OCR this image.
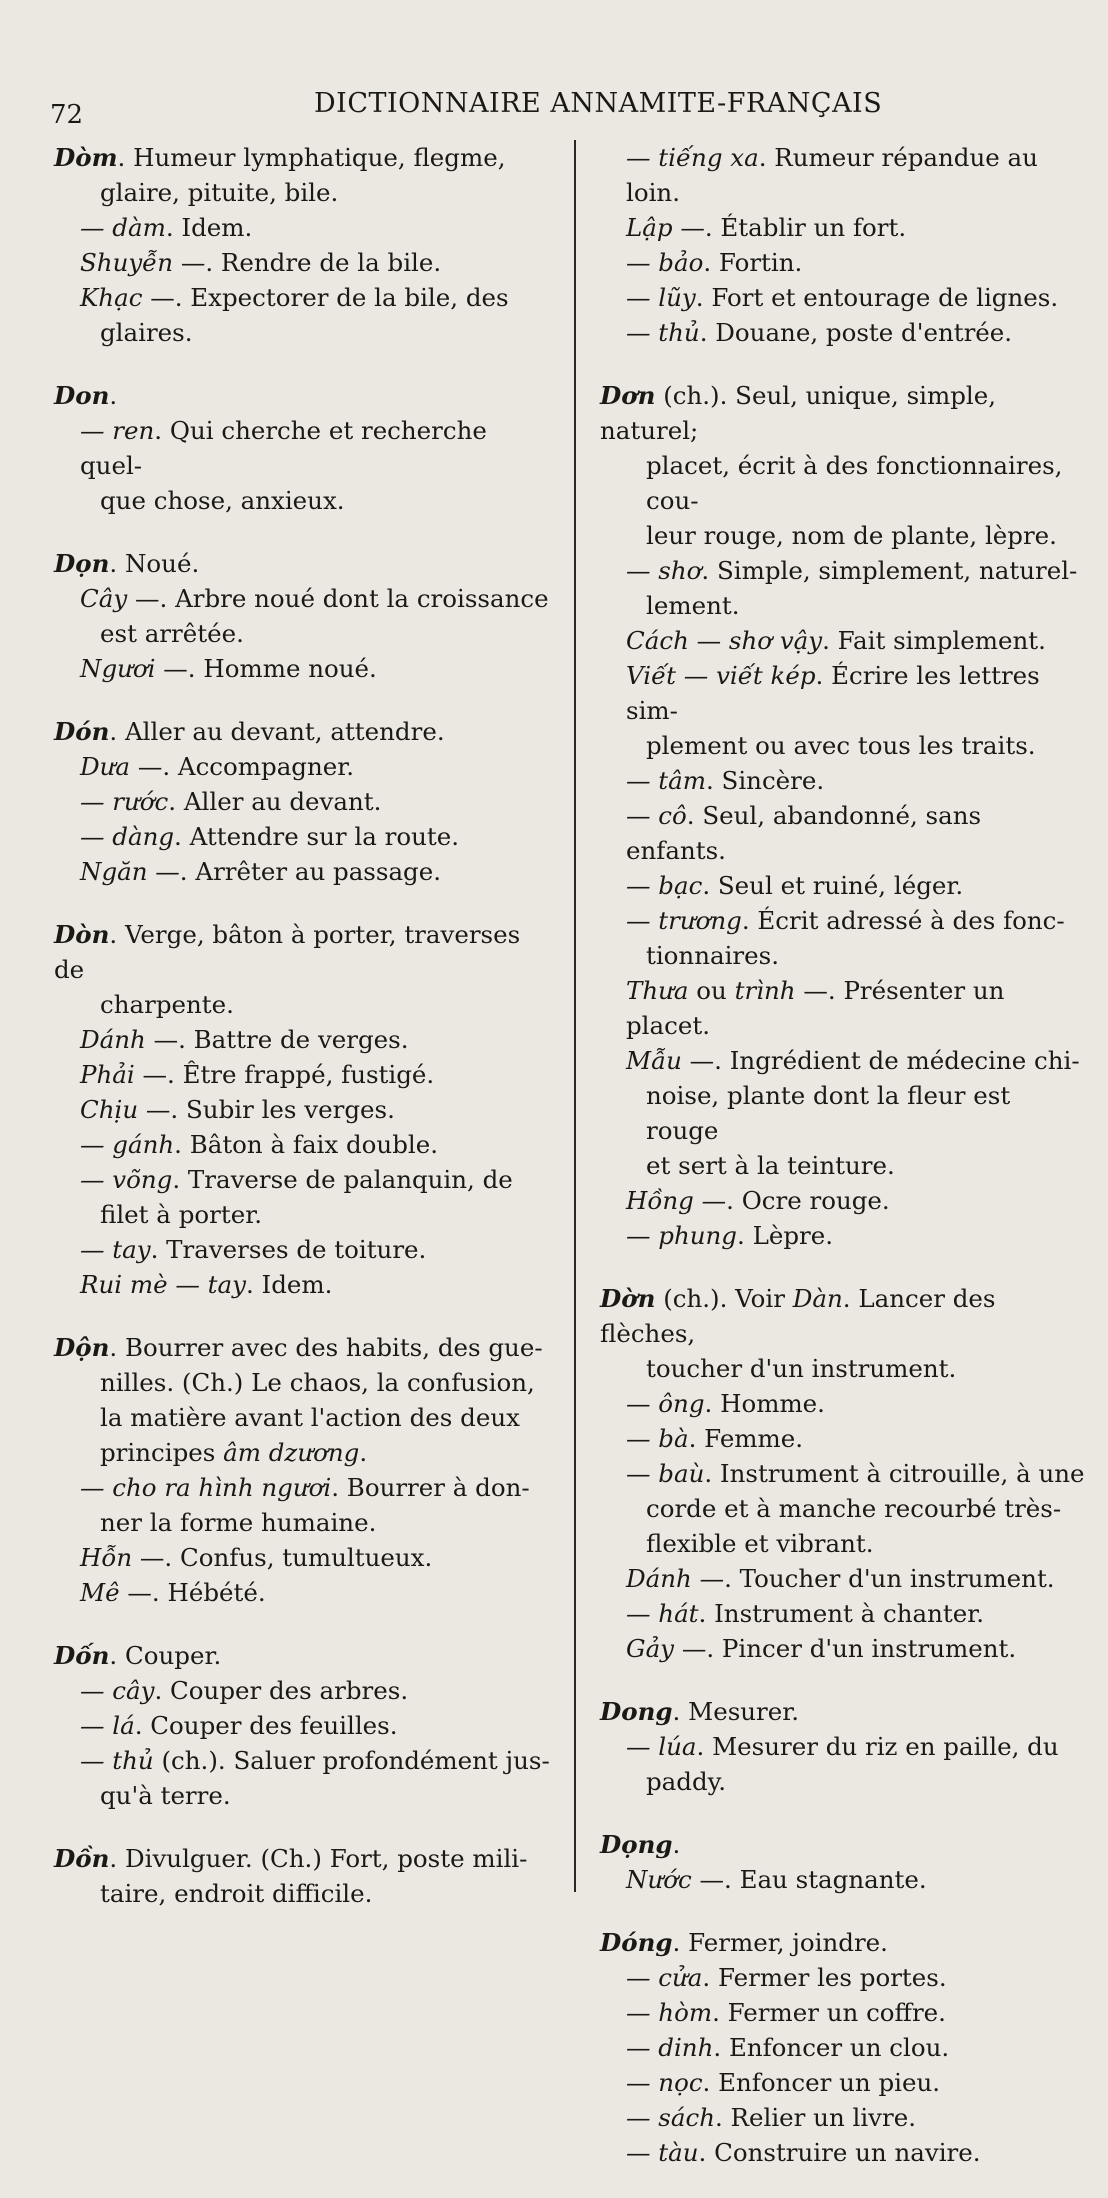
72	DICTIONNAIRE ANNAMITE-FRANÇAIS
Dòm. Humeur lymphatique, flegme,
glaire, pituite, bile.
— dàm. Idem.
Shuyễn —. Rendre de la bile.
Khạc —. Expectorer de la bile, des
glaires.
Don.
— ren. Qui cherche et recherche quel-
que chose, anxieux.
Dọn. Noué.
Cây —. Arbre noué dont la croissance
est arrêtée.
Ngươi —. Homme noué.
Dón. Aller au devant, attendre.
Dưa —. Accompagner.
— rước. Aller au devant.
— dàng. Attendre sur la route.
Ngăn —. Arrêter au passage.
Dòn. Verge, bâton à porter, traverses de
charpente.
Dánh —. Battre de verges.
Phải —. Être frappé, fustigé.
Chịu —. Subir les verges.
— gánh. Bâton à faix double.
— võng. Traverse de palanquin, de
filet à porter.
— tay. Traverses de toiture.
Rui mè — tay. Idem.
Dộn. Bourrer avec des habits, des gue-
nilles. (Ch.) Le chaos, la confusion,
la matière avant l'action des deux
principes âm dzương.
— cho ra hình ngươi. Bourrer à don-
ner la forme humaine.
Hỗn —. Confus, tumultueux.
Mê —. Hébété.
Dốn. Couper.
— cây. Couper des arbres.
— lá. Couper des feuilles.
— thủ (ch.). Saluer profondément jus-
qu'à terre.
Dồn. Divulguer. (Ch.) Fort, poste mili-
taire, endroit difficile.
— tiếng xa. Rumeur répandue au loin.
Lập —. Établir un fort.
— bảo. Fortin.
— lũy. Fort et entourage de lignes.
— thủ. Douane, poste d'entrée.
Dơn (ch.). Seul, unique, simple, naturel;
placet, écrit à des fonctionnaires, cou-
leur rouge, nom de plante, lèpre.
— shơ. Simple, simplement, naturel-
lement.
Cách — shơ vậy. Fait simplement.
Viết — viết kép. Écrire les lettres sim-
plement ou avec tous les traits.
— tâm. Sincère.
— cô. Seul, abandonné, sans enfants.
— bạc. Seul et ruiné, léger.
— trương. Écrit adressé à des fonc-
tionnaires.
Thưa ou trình —. Présenter un placet.
Mẫu —. Ingrédient de médecine chi-
noise, plante dont la fleur est rouge
et sert à la teinture.
Hồng —. Ocre rouge.
— phung. Lèpre.
Dờn (ch.). Voir Dàn. Lancer des flèches,
toucher d'un instrument.
— ông. Homme.
— bà. Femme.
— baù. Instrument à citrouille, à une
corde et à manche recourbé très-
flexible et vibrant.
Dánh —. Toucher d'un instrument.
— hát. Instrument à chanter.
Gảy —. Pincer d'un instrument.
Dong. Mesurer.
— lúa. Mesurer du riz en paille, du
paddy.
Dọng.
Nước —. Eau stagnante.
Dóng. Fermer, joindre.
— cửa. Fermer les portes.
— hòm. Fermer un coffre.
— dinh. Enfoncer un clou.
— nọc. Enfoncer un pieu.
— sách. Relier un livre.
— tàu. Construire un navire.
